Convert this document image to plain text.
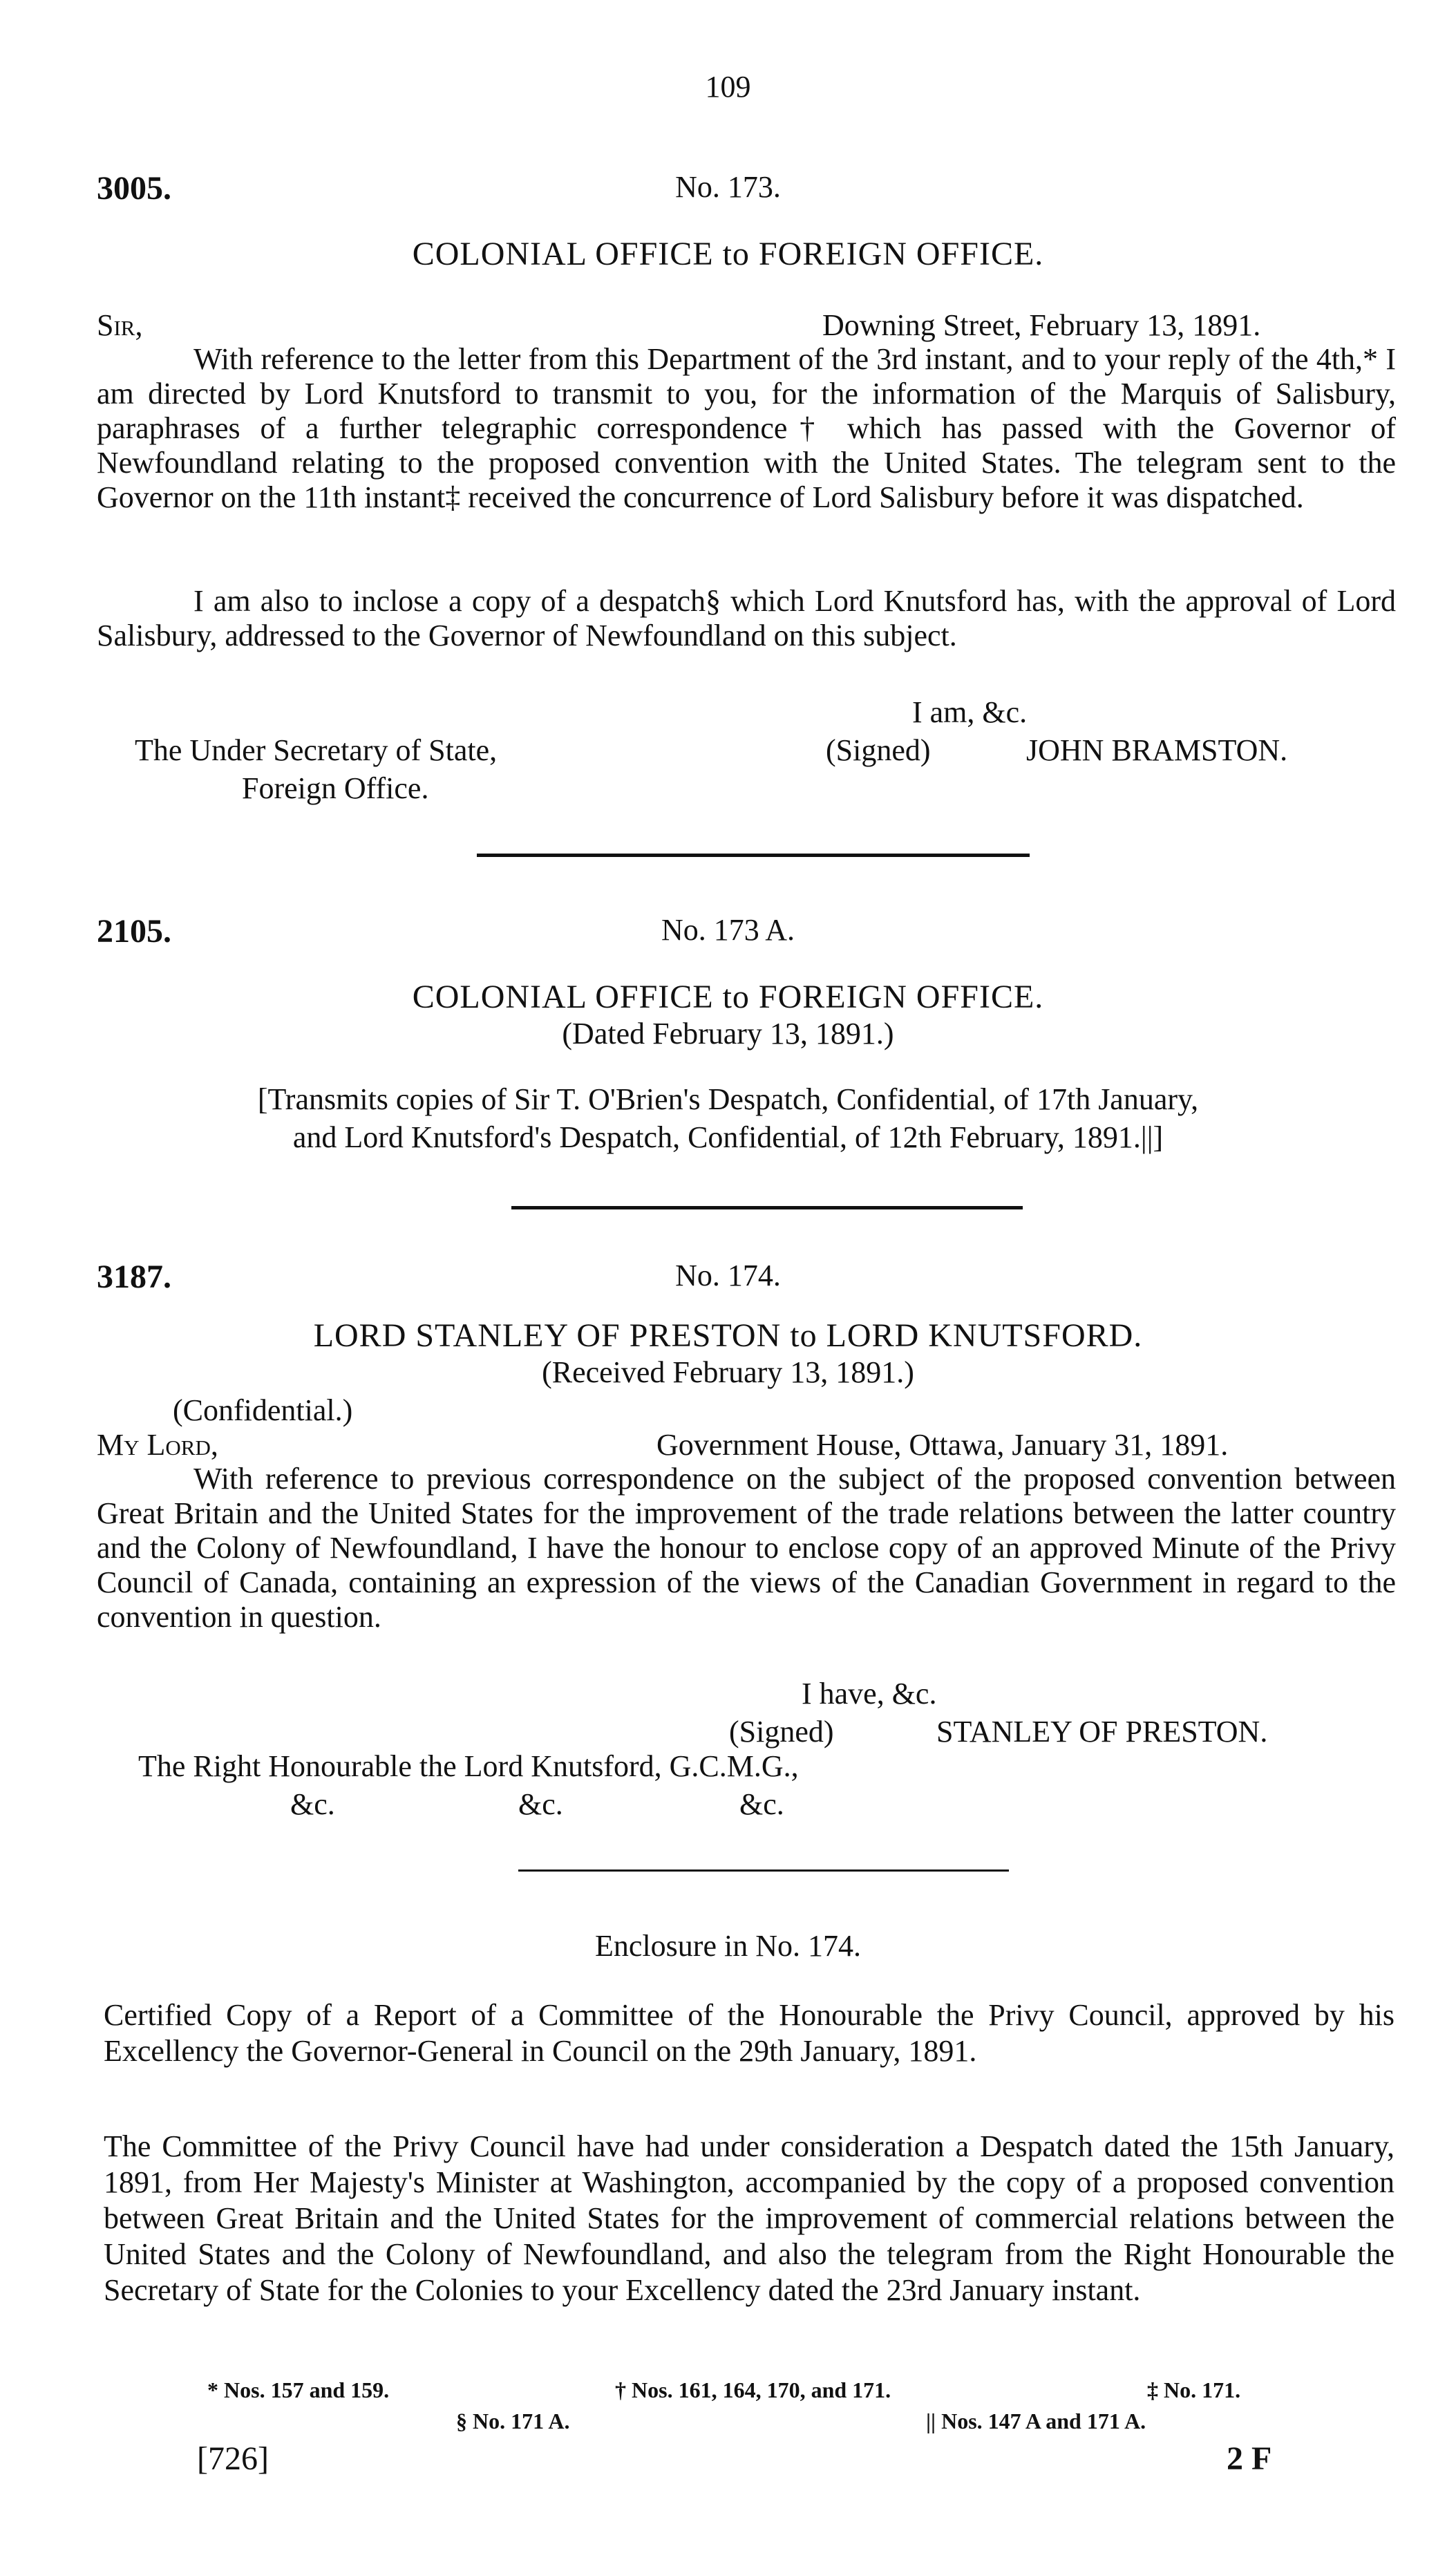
109
3005.	No. 173.
COLONIAL OFFICE to FOREIGN OFFICE.
Sir,	Downing Street, February 13, 1891.
With reference to the letter from this Department of the 3rd instant, and to your reply of the 4th,* I am directed by Lord Knutsford to transmit to you, for the information of the Marquis of Salisbury, paraphrases of a further telegraphic correspondence† which has passed with the Governor of Newfoundland relating to the proposed convention with the United States. The telegram sent to the Governor on the 11th instant‡ received the concurrence of Lord Salisbury before it was dispatched.
I am also to inclose a copy of a despatch§ which Lord Knutsford has, with the approval of Lord Salisbury, addressed to the Governor of Newfoundland on this subject.
I am, &c.
The Under Secretary of State,	(Signed)	JOHN BRAMSTON.
Foreign Office.
2105.	No. 173 A.
COLONIAL OFFICE to FOREIGN OFFICE.
(Dated February 13, 1891.)
[Transmits copies of Sir T. O'Brien's Despatch, Confidential, of 17th January,
and Lord Knutsford's Despatch, Confidential, of 12th February, 1891.||]
3187.	No. 174.
LORD STANLEY OF PRESTON to LORD KNUTSFORD.
(Received February 13, 1891.)
(Confidential.)
My Lord,	Government House, Ottawa, January 31, 1891.
With reference to previous correspondence on the subject of the proposed convention between Great Britain and the United States for the improvement of the trade relations between the latter country and the Colony of Newfoundland, I have the honour to enclose copy of an approved Minute of the Privy Council of Canada, containing an expression of the views of the Canadian Government in regard to the convention in question.
I have, &c.
(Signed)	STANLEY OF PRESTON.
The Right Honourable the Lord Knutsford, G.C.M.G.,
&c.	&c.	&c.
Enclosure in No. 174.
Certified Copy of a Report of a Committee of the Honourable the Privy Council, approved by his Excellency the Governor-General in Council on the 29th January, 1891.
The Committee of the Privy Council have had under consideration a Despatch dated the 15th January, 1891, from Her Majesty's Minister at Washington, accompanied by the copy of a proposed convention between Great Britain and the United States for the improvement of commercial relations between the United States and the Colony of Newfoundland, and also the telegram from the Right Honourable the Secretary of State for the Colonies to your Excellency dated the 23rd January instant.
* Nos. 157 and 159.	† Nos. 161, 164, 170, and 171.	‡ No. 171.
§ No. 171 A.	|| Nos. 147 A and 171 A.
[726]	2 F
